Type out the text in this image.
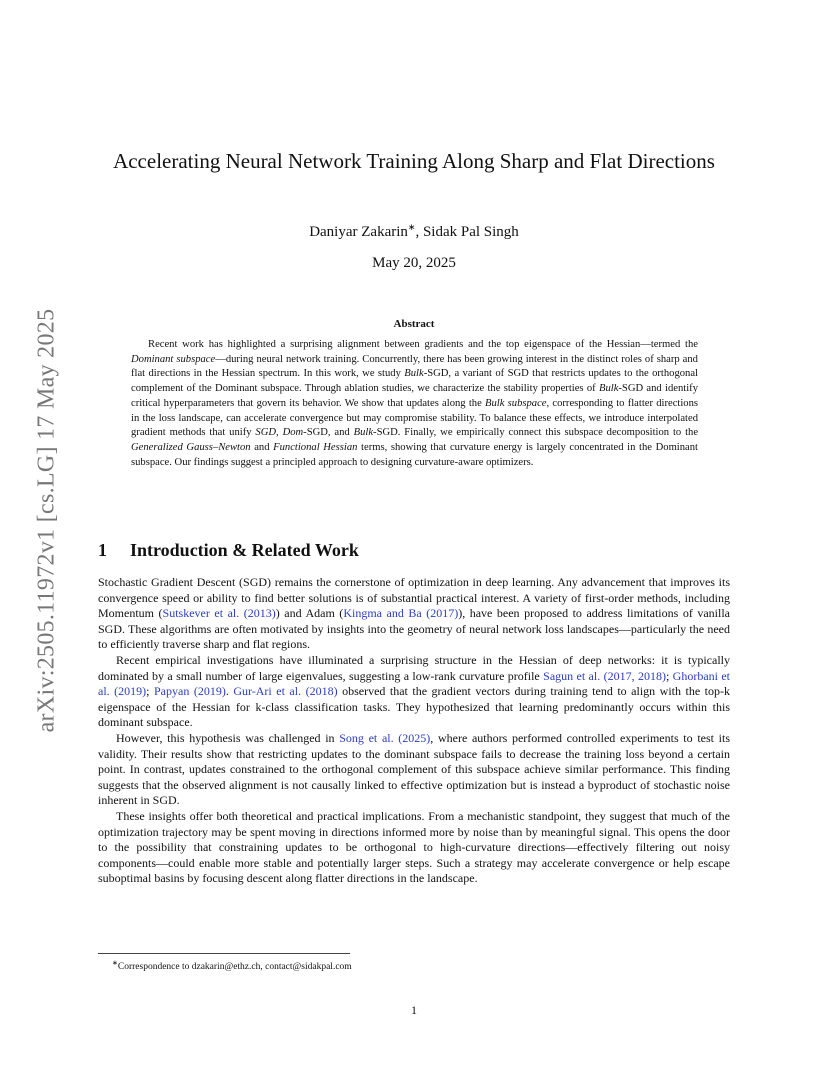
arXiv:2505.11972v1 [cs.LG] 17 May 2025
Accelerating Neural Network Training Along Sharp and Flat Directions
Daniyar Zakarin∗, Sidak Pal Singh
May 20, 2025
Abstract

Recent work has highlighted a surprising alignment between gradients and the top eigenspace of the Hessian—termed the Dominant subspace—during neural network training. Concurrently, there has been growing interest in the distinct roles of sharp and flat directions in the Hessian spectrum. In this work, we study Bulk-SGD, a variant of SGD that restricts updates to the orthogonal complement of the Dominant subspace. Through ablation studies, we characterize the stability properties of Bulk-SGD and identify critical hyperparameters that govern its behavior. We show that updates along the Bulk subspace, corresponding to flatter directions in the loss landscape, can accelerate convergence but may compromise stability. To balance these effects, we introduce interpolated gradient methods that unify SGD, Dom-SGD, and Bulk-SGD. Finally, we empirically connect this subspace decomposition to the Generalized Gauss–Newton and Functional Hessian terms, showing that curvature energy is largely concentrated in the Dominant subspace. Our findings suggest a principled approach to designing curvature-aware optimizers.

1 Introduction & Related Work

Stochastic Gradient Descent (SGD) remains the cornerstone of optimization in deep learning. Any advancement that improves its convergence speed or ability to find better solutions is of substantial practical interest. A variety of first-order methods, including Momentum (Sutskever et al. (2013)) and Adam (Kingma and Ba (2017)), have been proposed to address limitations of vanilla SGD. These algorithms are often motivated by insights into the geometry of neural network loss landscapes—particularly the need to efficiently traverse sharp and flat regions.

Recent empirical investigations have illuminated a surprising structure in the Hessian of deep networks: it is typically dominated by a small number of large eigenvalues, suggesting a low-rank curvature profile Sagun et al. (2017, 2018); Ghorbani et al. (2019); Papyan (2019). Gur-Ari et al. (2018) observed that the gradient vectors during training tend to align with the top-k eigenspace of the Hessian for k-class classification tasks. They hypothesized that learning predominantly occurs within this dominant subspace.

However, this hypothesis was challenged in Song et al. (2025), where authors performed controlled experiments to test its validity. Their results show that restricting updates to the dominant subspace fails to decrease the training loss beyond a certain point. In contrast, updates constrained to the orthogonal complement of this subspace achieve similar performance. This finding suggests that the observed alignment is not causally linked to effective optimization but is instead a byproduct of stochastic noise inherent in SGD.

These insights offer both theoretical and practical implications. From a mechanistic standpoint, they suggest that much of the optimization trajectory may be spent moving in directions informed more by noise than by meaningful signal. This opens the door to the possibility that constraining updates to be orthogonal to high-curvature directions—effectively filtering out noisy components—could enable more stable and potentially larger steps. Such a strategy may accelerate convergence or help escape suboptimal basins by focusing descent along flatter directions in the landscape.

∗Correspondence to dzakarin@ethz.ch, contact@sidakpal.com
1
